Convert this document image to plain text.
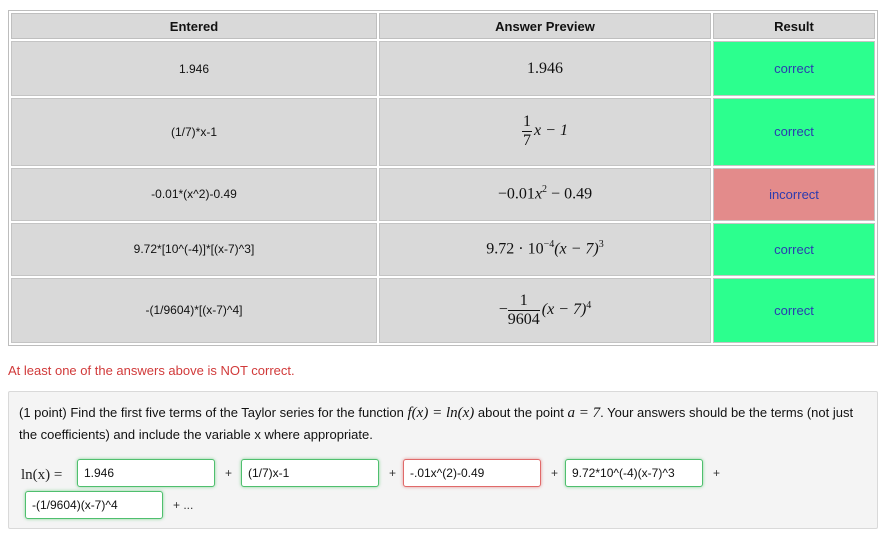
Entered	Answer Preview	Result
1.946	1.946	correct
(1/7)*x-1	$\frac{1}{7}$ x − 1	correct
-0.01*(x^2)-0.49	$-0.01x^2 - 0.49$	incorrect
9.72*[10^(-4)]*[(x-7)^3]	$9.72 \cdot 10^{-4}(x - 7)^3$	correct
-(1/9604)*[(x-7)^4]	− $\frac{1}{9604} (x - 7)^4$	correct
At least one of the answers above is NOT correct.
(1 point) Find the first five terms of the Taylor series for the function f(x) = ln(x) about the point a = 7. Your answers should be the terms (not just the coefficients) and include the variable x where appropriate.
ln(x) =
1.946	+
(1/7)x-1	+
-.01x^(2)-0.49	+
9.72*10^(-4)(x-7)^3	+
-(1/9604)(x-7)^4
+ ...
